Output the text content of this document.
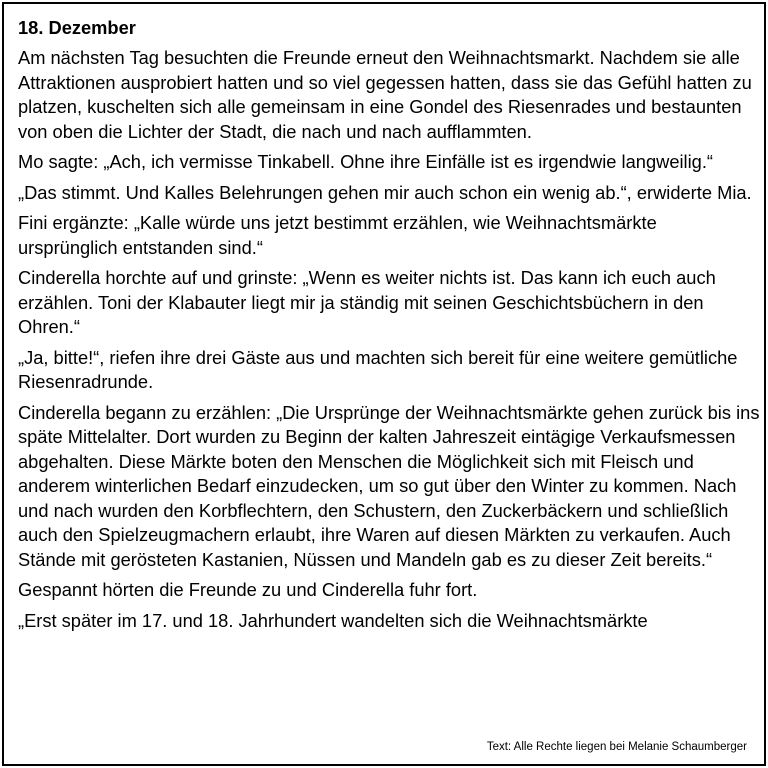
18. Dezember

Am nächsten Tag besuchten die Freunde erneut den Weihnachtsmarkt. Nachdem sie alle Attraktionen ausprobiert hatten und so viel gegessen hatten, dass sie das Gefühl hatten zu platzen, kuschelten sich alle gemeinsam in eine Gondel des Riesenrades und bestaunten von oben die Lichter der Stadt, die nach und nach aufflammten.

Mo sagte: „Ach, ich vermisse Tinkabell. Ohne ihre Einfälle ist es irgendwie langweilig.“

„Das stimmt. Und Kalles Belehrungen gehen mir auch schon ein wenig ab.“, erwiderte Mia.

Fini ergänzte: „Kalle würde uns jetzt bestimmt erzählen, wie Weihnachtsmärkte ursprünglich entstanden sind.“

Cinderella horchte auf und grinste: „Wenn es weiter nichts ist. Das kann ich euch auch erzählen. Toni der Klabauter liegt mir ja ständig mit seinen Geschichtsbüchern in den Ohren.“

„Ja, bitte!“, riefen ihre drei Gäste aus und machten sich bereit für eine weitere gemütliche Riesenradrunde.

Cinderella begann zu erzählen: „Die Ursprünge der Weihnachtsmärkte gehen zurück bis ins späte Mittelalter. Dort wurden zu Beginn der kalten Jahreszeit eintägige Verkaufsmessen abgehalten. Diese Märkte boten den Menschen die Möglichkeit sich mit Fleisch und anderem winterlichen Bedarf einzudecken, um so gut über den Winter zu kommen. Nach und nach wurden den Korbflechtern, den Schustern, den Zuckerbäckern und schließlich auch den Spielzeugmachern erlaubt, ihre Waren auf diesen Märkten zu verkaufen. Auch Stände mit gerösteten Kastanien, Nüssen und Mandeln gab es zu dieser Zeit bereits.“

Gespannt hörten die Freunde zu und Cinderella fuhr fort.

„Erst später im 17. und 18. Jahrhundert wandelten sich die Weihnachtsmärkte

Text: Alle Rechte liegen bei Melanie Schaumberger
